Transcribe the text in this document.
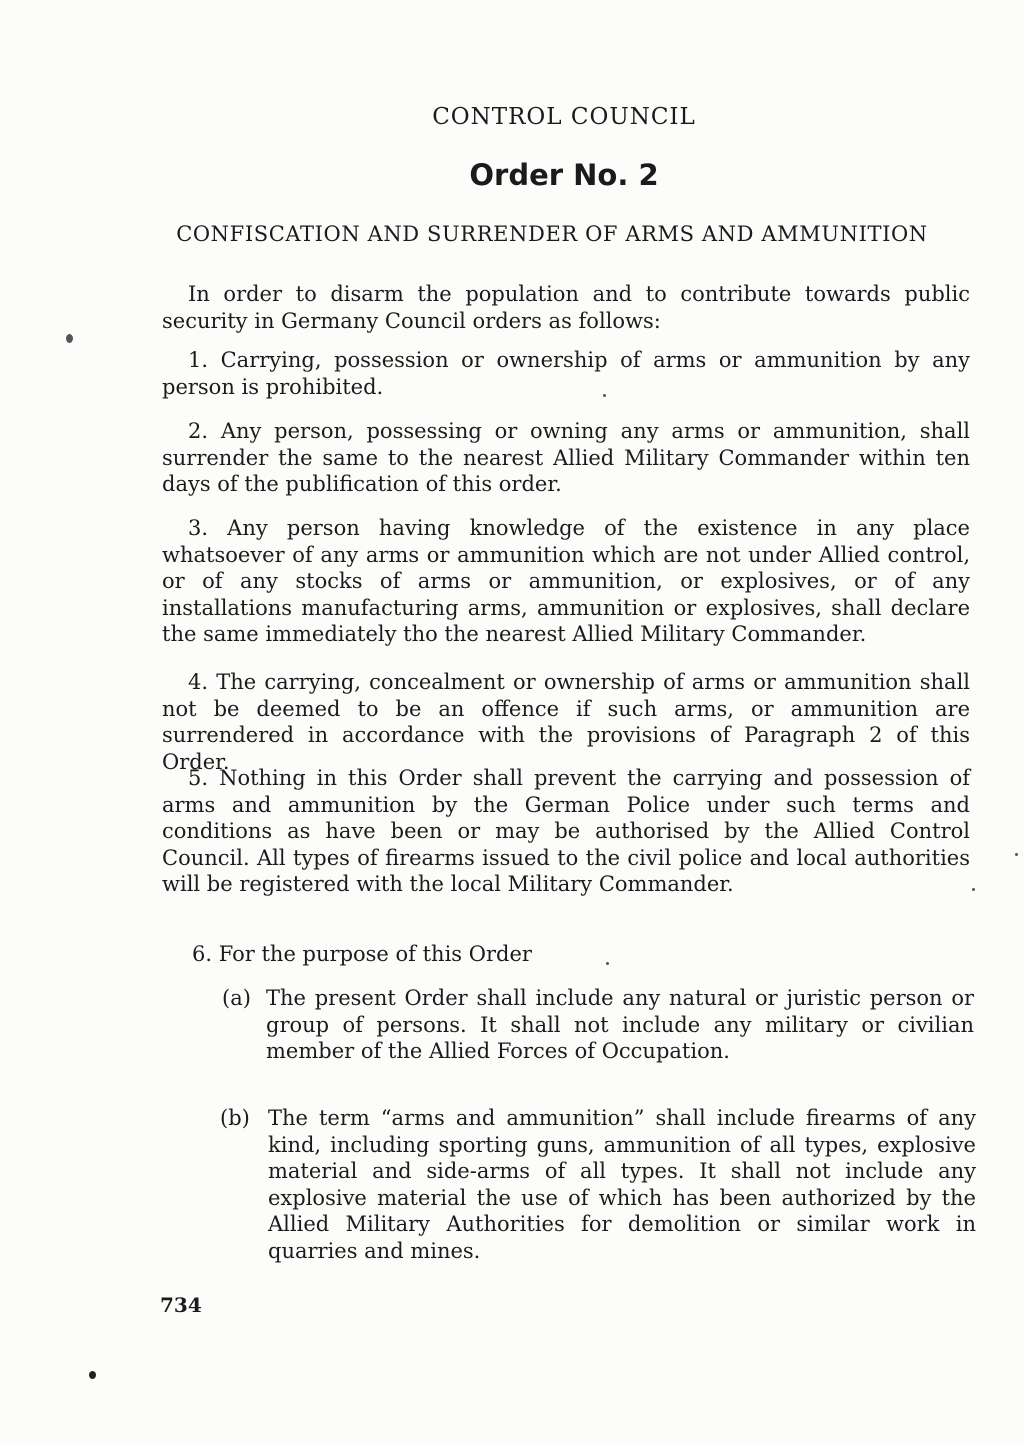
CONTROL COUNCIL
Order No. 2
CONFISCATION AND SURRENDER OF ARMS AND AMMUNITION
In order to disarm the population and to contribute towards public security in Germany Council orders as follows:
1. Carrying, possession or ownership of arms or ammunition by any person is prohibited.
2. Any person, possessing or owning any arms or ammunition, shall surrender the same to the nearest Allied Military Commander within ten days of the publification of this order.
3. Any person having knowledge of the existence in any place whatsoever of any arms or ammunition which are not under Allied control, or of any stocks of arms or ammunition, or explosives, or of any installations manufacturing arms, ammunition or explosives, shall declare the same immediately tho the nearest Allied Military Commander.
4. The carrying, concealment or ownership of arms or ammunition shall not be deemed to be an offence if such arms, or ammunition are surrendered in accordance with the provisions of Paragraph 2 of this Order.
5. Nothing in this Order shall prevent the carrying and possession of arms and ammunition by the German Police under such terms and conditions as have been or may be authorised by the Allied Control Council. All types of firearms issued to the civil police and local authorities will be registered with the local Military Commander.
6. For the purpose of this Order
(a) The present Order shall include any natural or juristic person or group of persons. It shall not include any military or civilian member of the Allied Forces of Occupation.
(b) The term “arms and ammunition” shall include firearms of any kind, including sporting guns, ammunition of all types, explosive material and side-arms of all types. It shall not include any explosive material the use of which has been authorized by the Allied Military Authorities for demolition or similar work in quarries and mines.
734
